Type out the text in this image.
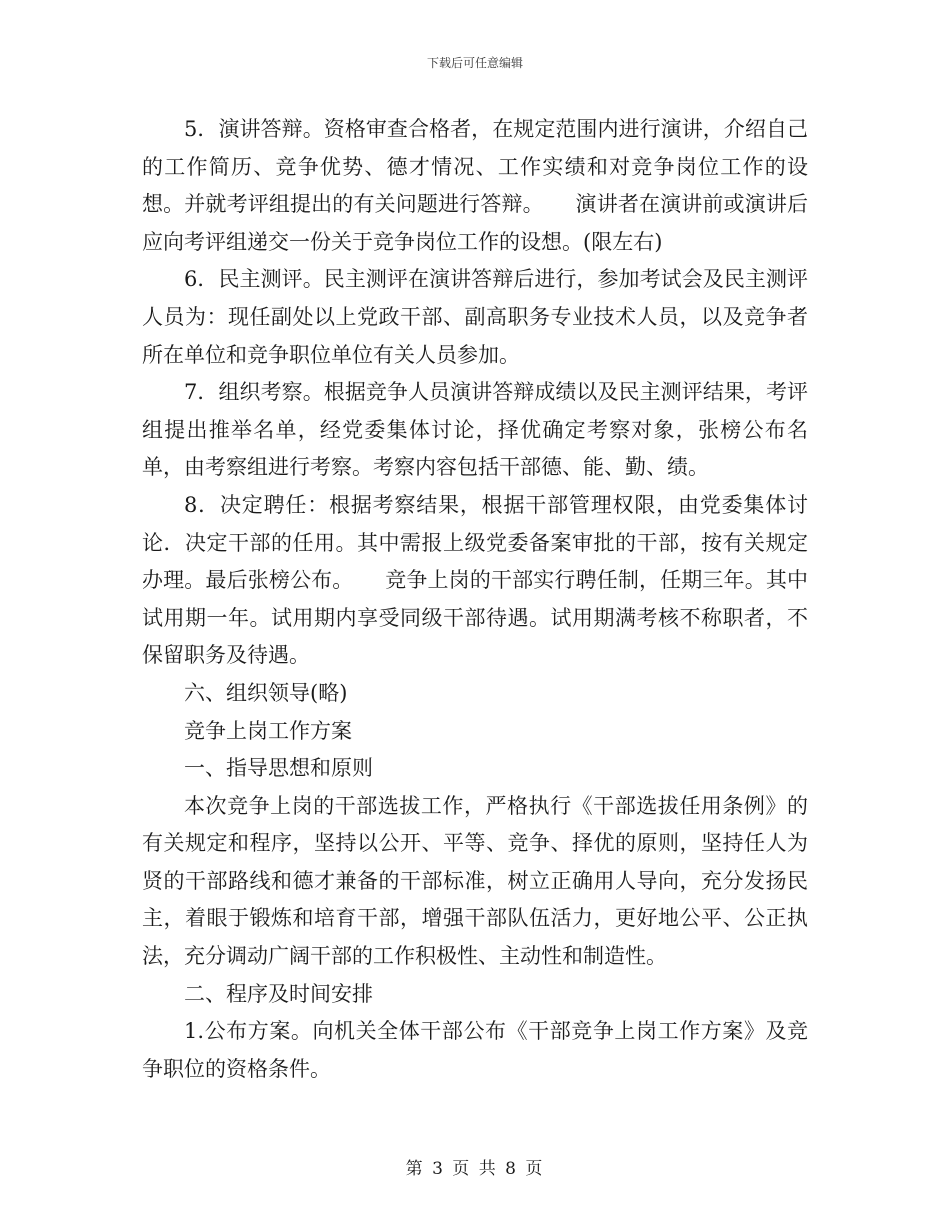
下载后可任意编辑

5．演讲答辩。资格审查合格者，在规定范围内进行演讲，介绍自己的工作简历、竞争优势、德才情况、工作实绩和对竞争岗位工作的设想。并就考评组提出的有关问题进行答辩。　　演讲者在演讲前或演讲后应向考评组递交一份关于竞争岗位工作的设想。(限左右)

6．民主测评。民主测评在演讲答辩后进行，参加考试会及民主测评人员为：现任副处以上党政干部、副高职务专业技术人员，以及竞争者所在单位和竞争职位单位有关人员参加。

7．组织考察。根据竞争人员演讲答辩成绩以及民主测评结果，考评组提出推举名单，经党委集体讨论，择优确定考察对象，张榜公布名单，由考察组进行考察。考察内容包括干部德、能、勤、绩。

8．决定聘任：根据考察结果，根据干部管理权限，由党委集体讨论．决定干部的任用。其中需报上级党委备案审批的干部，按有关规定办理。最后张榜公布。　　竞争上岗的干部实行聘任制，任期三年。其中试用期一年。试用期内享受同级干部待遇。试用期满考核不称职者，不保留职务及待遇。

六、组织领导(略)

竞争上岗工作方案

一、指导思想和原则

本次竞争上岗的干部选拔工作，严格执行《干部选拔任用条例》的有关规定和程序，坚持以公开、平等、竞争、择优的原则，坚持任人为贤的干部路线和德才兼备的干部标准，树立正确用人导向，充分发扬民主，着眼于锻炼和培育干部，增强干部队伍活力，更好地公平、公正执法，充分调动广阔干部的工作积极性、主动性和制造性。

二、程序及时间安排

1.公布方案。向机关全体干部公布《干部竞争上岗工作方案》及竞争职位的资格条件。

第 3 页 共 8 页
